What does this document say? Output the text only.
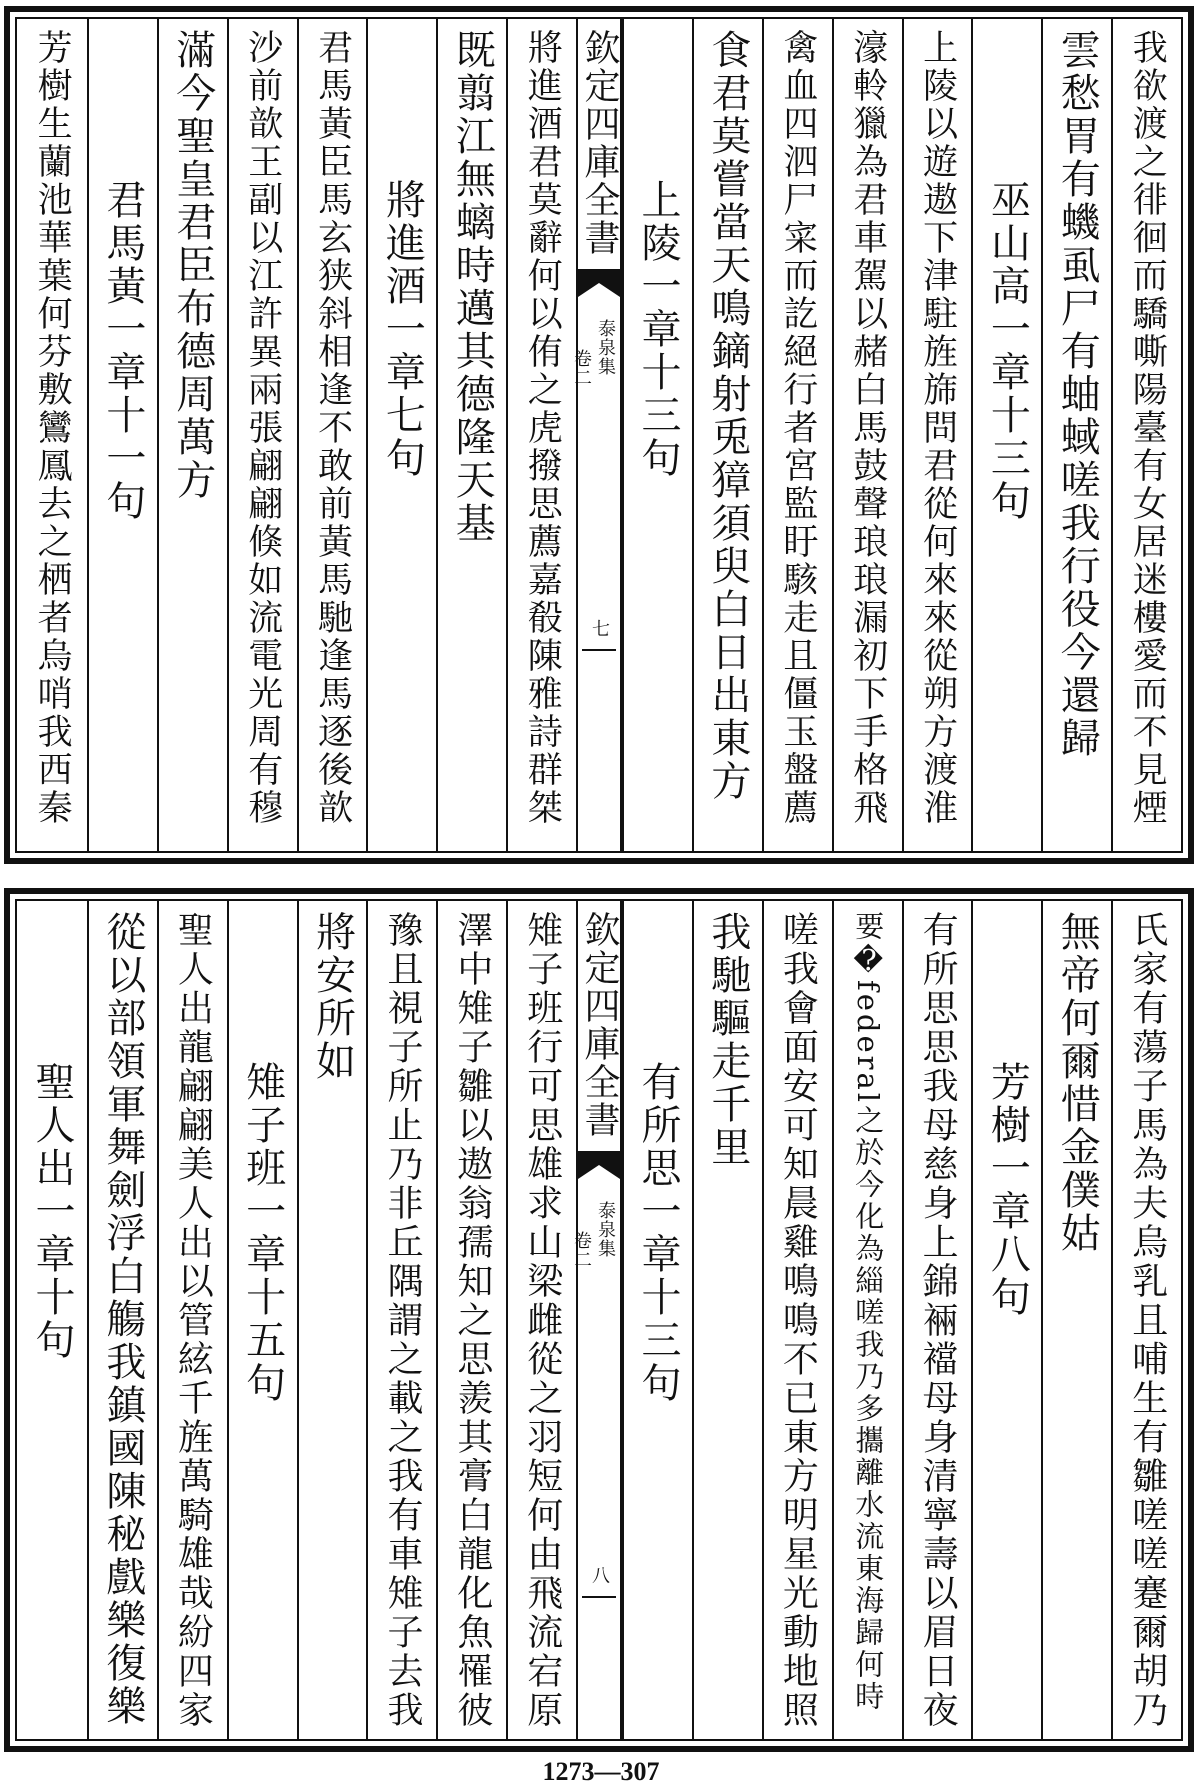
我欲渡之徘徊而驕嘶陽臺有女居迷樓愛而不見煙
雲愁胃有蟣虱尸有蚰蜮嗟我行役今還歸
巫山高一章十三句
上陵以遊遨下津駐旌旆問君從何來來從朔方渡淮
濠軨獵為君車駕以赭白馬鼓聲琅琅漏初下手格飛
禽血四泗尸寀而訖絕行者宮監盱駭走且僵玉盤薦
食君莫嘗當天鳴鏑射兎獐須臾白日出東方
上陵一章十三句
欽定四庫全書
泰泉集
卷二
七
將進酒君莫辭何以侑之虎撥思薦嘉殽陳雅詩群桀
既翦江無螭時邁其德隆天基
將進酒一章七句
君馬黃臣馬玄狭斜相逢不敢前黃馬馳逢馬逐後歆
沙前歆王副以江許異兩張翩翩倏如流電光周有穆
滿今聖皇君臣布德周萬方
君馬黃一章十一句
芳樹生蘭池華葉何芬敷鸞鳳去之栖者烏哨我西秦
氏家有蕩子馬為夫烏乳且哺生有雛嗟嗟蹇爾胡乃
無帝何爾惜金僕姑
芳樹一章八句
有所思思我母慈身上錦裲襠母身清寧壽以眉日夜
要�federal之於今化為緇嗟我乃多攜離水流東海歸何時
嗟我會面安可知晨雞鳴鳴不已東方明星光動地照
我馳驅走千里
有所思一章十三句
欽定四庫全書
泰泉集
卷二
八
雉子班行可思雄求山梁雌從之羽短何由飛流宕原
澤中雉子雛以遨翁孺知之思羨其膏白龍化魚罹彼
豫且視子所止乃非丘隅謂之載之我有車雉子去我
將安所如
雉子班一章十五句
聖人出龍翩翩美人出以管絃千旌萬騎雄哉紛四家
從以部領軍舞劍浮白觴我鎮國陳秘戲樂復樂
聖人出一章十句
1273—307
